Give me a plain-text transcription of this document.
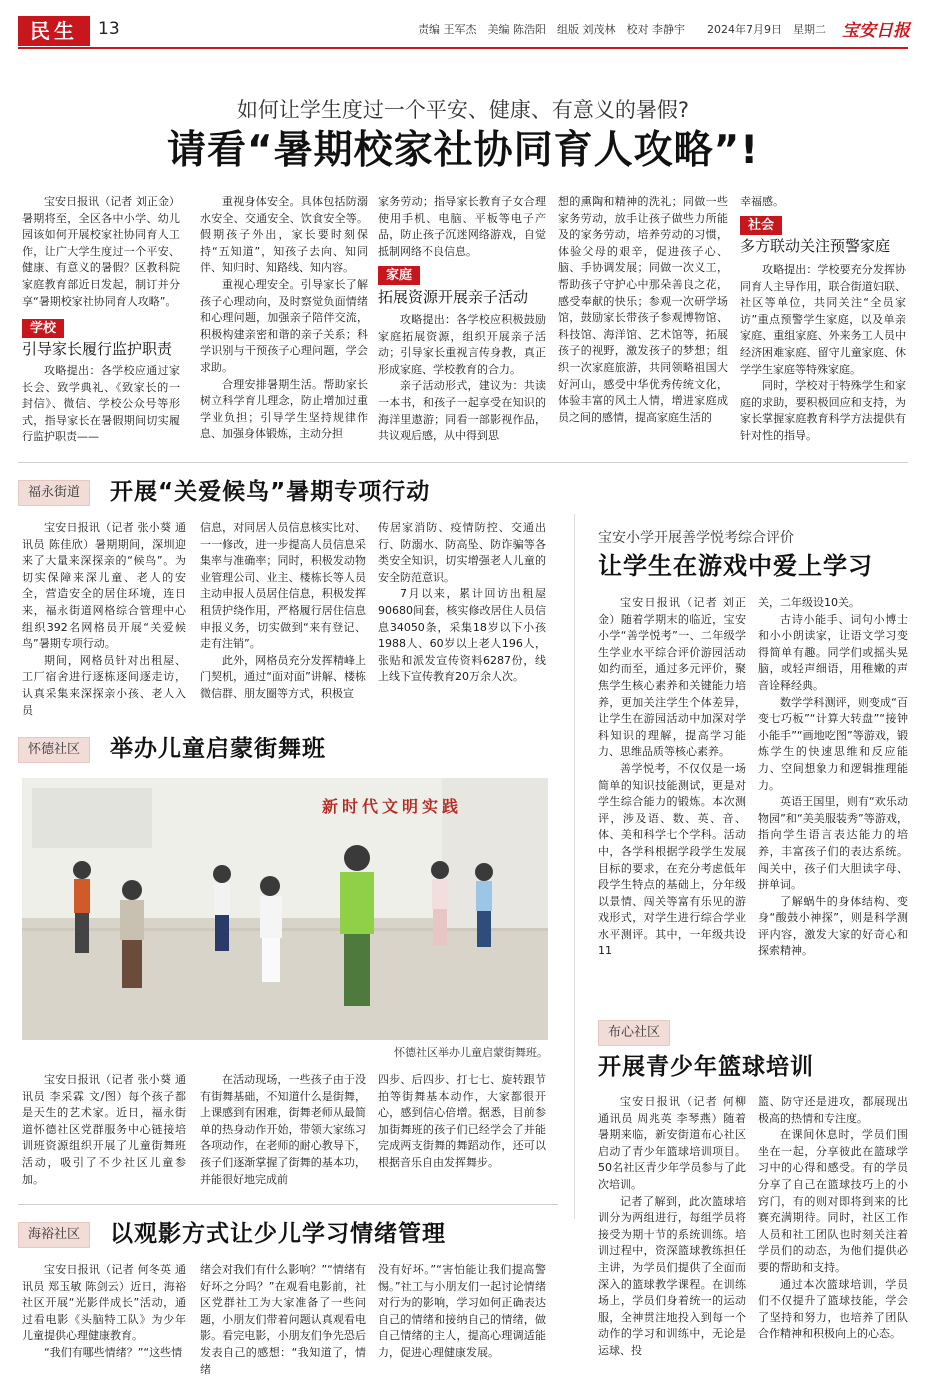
民生	13	责编 王军杰　美编 陈浩阳　组版 刘茂林　校对 李静宇　　2024年7月9日　星期二 宝安日报
如何让学生度过一个平安、健康、有意义的暑假?
请看“暑期校家社协同育人攻略”!

宝安日报讯（记者 刘正金）暑期将至，全区各中小学、幼儿园该如何开展校家社协同育人工作，让广大学生度过一个平安、健康、有意义的暑假？区教科院家庭教育部近日发起，制订并分享“暑期校家社协同育人攻略”。

学校
引导家长履行监护职责

攻略提出：各学校应通过家长会、致学典礼、《致家长的一封信》、微信、学校公众号等形式，指导家长在暑假期间切实履行监护职责——

重视身体安全。具体包括防溺水安全、交通安全、饮食安全等。假期孩子外出，家长要时刻保持“五知道”，知孩子去向、知同伴、知归时、知路线、知内容。

重视心理安全。引导家长了解孩子心理动向，及时察觉负面情绪和心理问题，加强亲子陪伴交流，积极构建亲密和谐的亲子关系；科学识别与干预孩子心理问题，学会求助。

合理安排暑期生活。帮助家长树立科学育儿理念，防止增加过重学业负担；引导学生坚持规律作息、加强身体锻炼，主动分担

家务劳动；指导家长教育子女合理使用手机、电脑、平板等电子产品，防止孩子沉迷网络游戏，自觉抵制网络不良信息。

家庭
拓展资源开展亲子活动

攻略提出：各学校应积极鼓励家庭拓展资源，组织开展亲子活动；引导家长重视言传身教，真正形成家庭、学校教育的合力。

亲子活动形式，建议为：共读一本书，和孩子一起享受在知识的海洋里遨游；同看一部影视作品，共议观后感，从中得到思

想的熏陶和精神的洗礼；同做一些家务劳动，放手让孩子做些力所能及的家务劳动，培养劳动的习惯，体验父母的艰辛，促进孩子心、脑、手协调发展；同做一次义工，帮助孩子守护心中那朵善良之花，感受奉献的快乐；参观一次研学场馆，鼓励家长带孩子参观博物馆、科技馆、海洋馆、艺术馆等，拓展孩子的视野，激发孩子的梦想；组织一次家庭旅游，共同领略祖国大好河山，感受中华优秀传统文化，体验丰富的风土人情，增进家庭成员之间的感情，提高家庭生活的

幸福感。

社会
多方联动关注预警家庭

攻略提出：学校要充分发挥协同育人主导作用，联合街道妇联、社区等单位，共同关注“全员家访”重点预警学生家庭，以及单亲家庭、重组家庭、外来务工人员中经济困难家庭、留守儿童家庭、休学学生家庭等特殊家庭。

同时，学校对于特殊学生和家庭的求助，要积极回应和支持，为家长掌握家庭教育科学方法提供有针对性的指导。

福永街道	开展“关爱候鸟”暑期专项行动

宝安日报讯（记者 张小葵 通讯员 陈佳欣）暑期期间，深圳迎来了大量来深探亲的“候鸟”。为切实保障来深儿童、老人的安全，营造安全的居住环境，连日来，福永街道网格综合管理中心组织392名网格员开展“关爱候鸟”暑期专项行动。

期间，网格员针对出租屋、工厂宿舍进行逐栋逐间逐走访，认真采集来深探亲小孩、老人入员

信息，对同居人员信息核实比对、一一修改，进一步提高人员信息采集率与准确率；同时，积极发动物业管理公司、业主、楼栋长等人员主动申报人员居住信息，积极发挥租赁护绕作用，严格履行居住信息申报义务，切实做到“来有登记、走有注销”。

此外，网格员充分发挥精峰上门契机，通过“面对面”讲解、楼栋微信群、朋友圈等方式，积极宣

传居家消防、疫情防控、交通出行、防溺水、防高坠、防诈骗等各类安全知识，切实增强老人儿童的安全防范意识。

7月以来，累计回访出租屋90680间套，核实修改居住人员信息34050条，采集18岁以下小孩1988人、60岁以上老人196人，张贴和派发宣传资料6287份，线上线下宣传教育20万余人次。

宝安小学开展善学悦考综合评价
让学生在游戏中爱上学习

宝安日报讯（记者 刘正金）随着学期末的临近，宝安小学“善学悦考”一、二年级学生学业水平综合评价游园活动如约而至，通过多元评价，聚焦学生核心素养和关键能力培养，更加关注学生个体差异，让学生在游园活动中加深对学科知识的理解，提高学习能力、思维品质等核心素养。

善学悦考，不仅仅是一场简单的知识技能测试，更是对学生综合能力的锻炼。本次测评，涉及语、数、英、音、体、美和科学七个学科。活动中，各学科根据学段学生发展目标的要求，在充分考虑低年段学生特点的基础上，分年级以景情、闯关等富有乐见的游戏形式，对学生进行综合学业水平测评。其中，一年级共设11

关，二年级设10关。

古诗小能手、词句小博士和小小朗读家，让语文学习变得简单有趣。同学们或摇头晃脑，或轻声细语，用稚嫩的声音诠释经典。

数学学科测评，则变成“百变七巧板”“计算大转盘”“接钟小能手”“画地吃图”等游戏，锻炼学生的快速思维和反应能力、空间想象力和逻辑推理能力。

英语王国里，则有“欢乐动物园”和“美美服装秀”等游戏，指向学生语言表达能力的培养，丰富孩子们的表达系统。闯关中，孩子们大胆读字母、拼单词。

了解蜗牛的身体结构、变身“酸鼓小神探”，则是科学测评内容，激发大家的好奇心和探索精神。

怀德社区	举办儿童启蒙街舞班
新时代文明实践
怀德社区举办儿童启蒙街舞班。

宝安日报讯（记者 张小葵 通讯员 李采霖 文/图）每个孩子都是天生的艺术家。近日，福永街道怀德社区党群服务中心链接培训班资源组织开展了儿童街舞班活动，吸引了不少社区儿童参加。

在活动现场，一些孩子由于没有街舞基础，不知道什么是街舞，上课感到有困难，街舞老师从最简单的热身动作开始，带领大家练习各项动作，在老师的耐心教导下，孩子们逐渐掌握了街舞的基本功，并能很好地完成前

四步、后四步、打七七、旋转跟节拍等街舞基本动作，大家都很开心，感到信心倍增。据悉，目前参加街舞班的孩子们已经学会了并能完成两支街舞的舞蹈动作，还可以根据音乐自由发挥舞步。

布心社区
开展青少年篮球培训

宝安日报讯（记者 何柳 通讯员 周兆英 李琴燕）随着暑期来临，新安街道布心社区启动了青少年篮球培训项目。50名社区青少年学员参与了此次培训。

记者了解到，此次篮球培训分为两组进行，每组学员将接受为期十节的系统训练。培训过程中，资深篮球教练担任主讲，为学员们提供了全面而深入的篮球教学课程。在训练场上，学员们身着统一的运动服，全神贯注地投入到每一个动作的学习和训练中，无论是运球、投

篮、防守还是进攻，都展现出极高的热情和专注度。

在课间休息时，学员们围坐在一起，分享彼此在篮球学习中的心得和感受。有的学员分享了自己在篮球技巧上的小窍门，有的则对即将到来的比赛充满期待。同时，社区工作人员和社工团队也时刻关注着学员们的动态，为他们提供必要的帮助和支持。

通过本次篮球培训，学员们不仅提升了篮球技能，学会了坚持和努力，也培养了团队合作精神和积极向上的心态。

海裕社区	以观影方式让少儿学习情绪管理

宝安日报讯（记者 何冬英 通讯员 郑玉敏 陈剑云）近日，海裕社区开展“光影伴成长”活动，通过看电影《头脑特工队》为少年儿童提供心理健康教育。

“我们有哪些情绪？”“这些情

绪会对我们有什么影响？”“情绪有好坏之分吗？”在观看电影前，社区党群社工为大家准备了一些问题，小朋友们带着问题认真观看电影。看完电影，小朋友们争先恐后发表自己的感想：“我知道了，情绪

没有好坏。”“害怕能让我们提高警惕。”社工与小朋友们一起讨论情绪对行为的影响，学习如何正确表达自己的情绪和接纳自己的情绪，做自己情绪的主人，提高心理调适能力，促进心理健康发展。
